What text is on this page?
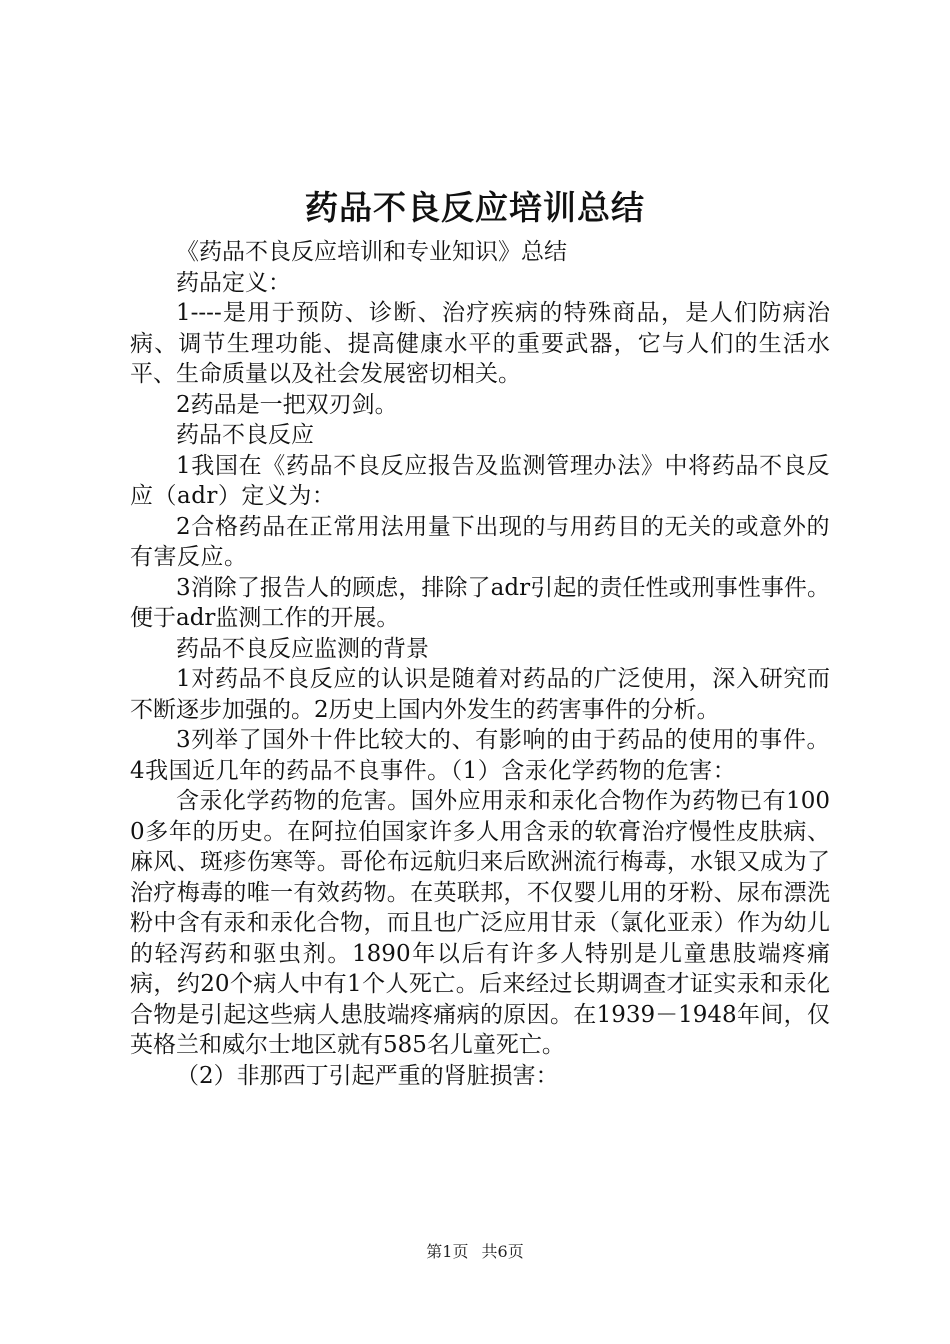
药品不良反应培训总结

《药品不良反应培训和专业知识》总结

药品定义：

1----是用于预防、诊断、治疗疾病的特殊商品，是人们防病治病、调节生理功能、提高健康水平的重要武器，它与人们的生活水平、生命质量以及社会发展密切相关。

2药品是一把双刃剑。

药品不良反应

1我国在《药品不良反应报告及监测管理办法》中将药品不良反应（adr）定义为：

2合格药品在正常用法用量下出现的与用药目的无关的或意外的有害反应。

3消除了报告人的顾虑，排除了adr引起的责任性或刑事性事件。便于adr监测工作的开展。

药品不良反应监测的背景

1对药品不良反应的认识是随着对药品的广泛使用，深入研究而不断逐步加强的。2历史上国内外发生的药害事件的分析。

3列举了国外十件比较大的、有影响的由于药品的使用的事件。4我国近几年的药品不良事件。（1）含汞化学药物的危害：

含汞化学药物的危害。国外应用汞和汞化合物作为药物已有1000多年的历史。在阿拉伯国家许多人用含汞的软膏治疗慢性皮肤病、麻风、斑疹伤寒等。哥伦布远航归来后欧洲流行梅毒，水银又成为了治疗梅毒的唯一有效药物。在英联邦，不仅婴儿用的牙粉、尿布漂洗粉中含有汞和汞化合物，而且也广泛应用甘汞（氯化亚汞）作为幼儿的轻泻药和驱虫剂。1890年以后有许多人特别是儿童患肢端疼痛病，约20个病人中有1个人死亡。后来经过长期调查才证实汞和汞化合物是引起这些病人患肢端疼痛病的原因。在1939－1948年间，仅英格兰和威尔士地区就有585名儿童死亡。

（2）非那西丁引起严重的肾脏损害：

第1页 共6页
